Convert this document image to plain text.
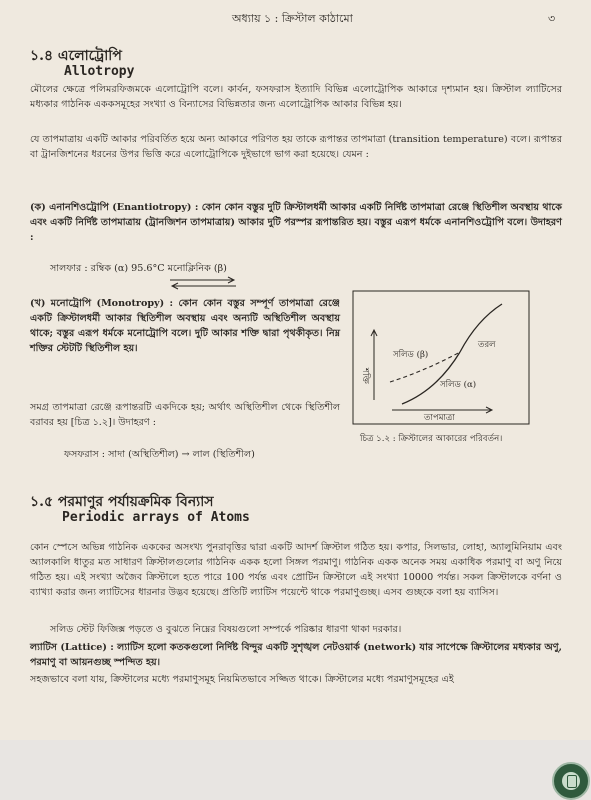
অধ্যায় ১ : ক্রিস্টাল কাঠামো	৩
১.৪ এলোট্রোপি
Allotropy
মৌলের ক্ষেত্রে পলিমরফিজমকে এলোট্রোপি বলে। কার্বন, ফসফরাস ইত্যাদি বিভিন্ন এলোট্রোপিক আকারে দৃশ্যমান হয়। ক্রিস্টাল ল্যাটিসের মধ্যকার গাঠনিক এককসমূহের সংখ্যা ও বিন্যাসের বিভিন্নতার জন্য এলোট্রোপিক আকার বিভিন্ন হয়।
যে তাপমাত্রায় একটি আকার পরিবর্তিত হয়ে অন্য আকারে পরিণত হয় তাকে রূপান্তর তাপমাত্রা (transition temperature) বলে। রূপান্তর বা ট্রানজিশনের ধরনের উপর ভিত্তি করে এলোট্রোপিকে দুইভাগে ভাগ করা হয়েছে। যেমন :
(ক) এনানশিওট্রোপি (Enantiotropy) : কোন কোন বস্তুর দুটি ক্রিস্টালধর্মী আকার একটি নির্দিষ্ট তাপমাত্রা রেঞ্জে স্থিতিশীল অবস্থায় থাকে এবং একটি নির্দিষ্ট তাপমাত্রায় (ট্রানজিশন তাপমাত্রায়) আকার দুটি পরস্পর রূপান্তরিত হয়। বস্তুর এরূপ ধর্মকে এনানশিওট্রোপি বলে। উদাহরণ :
সালফার : রম্বিক (α) 95.6°C মনোক্লিনিক (β)
(খ) মনোট্রোপি (Monotropy) : কোন কোন বস্তুর সম্পূর্ণ তাপমাত্রা রেঞ্জে একটি ক্রিস্টালধর্মী আকার স্থিতিশীল অবস্থায় এবং অন্যটি অস্থিতিশীল অবস্থায় থাকে; বস্তুর এরূপ ধর্মকে মনোট্রোপি বলে। দুটি আকার শক্তি দ্বারা পৃথকীকৃত। নিম্ন শক্তির স্টেটটি স্থিতিশীল হয়।
সমগ্র তাপমাত্রা রেঞ্জে রূপান্তরটি একদিকে হয়; অর্থাৎ অস্থিতিশীল থেকে স্থিতিশীল বরাবর হয় [চিত্র ১.২]। উদাহরণ :
ফসফরাস : সাদা (অস্থিতিশীল) → লাল (স্থিতিশীল)
তরল
সলিড (β)
সলিড (α)
শক্তি
তাপমাত্রা
চিত্র ১.২ : ক্রিস্টালের আকারের পরিবর্তন।
১.৫ পরমাণুর পর্যায়ক্রমিক বিন্যাস
Periodic arrays of Atoms
কোন স্পেসে অভিন্ন গাঠনিক এককের অসংখ্য পুনরাবৃত্তির দ্বারা একটি আদর্শ ক্রিস্টাল গঠিত হয়। কপার, সিলভার, লোহা, অ্যালুমিনিয়াম এবং অ্যালকালি ধাতুর মত সাধারণ ক্রিস্টালগুলোর গাঠনিক একক হলো সিঙ্গল পরমাণু। গাঠনিক একক অনেক সময় একাধিক পরমাণু বা অণু নিয়ে গঠিত হয়। এই সংখ্যা অজৈব ক্রিস্টালে হতে পারে 100 পর্যন্ত এবং প্রোটিন ক্রিস্টালে এই সংখ্যা 10000 পর্যন্ত। সকল ক্রিস্টালকে বর্ণনা ও ব্যাখ্যা করার জন্য ল্যাটিসের ধারনার উদ্ভব হয়েছে। প্রতিটি ল্যাটিস পয়েন্টে থাকে পরমাণুগুচ্ছ। এসব গুচ্ছকে বলা হয় ব্যাসিস।
সলিড স্টেট ফিজিক্স পড়তে ও বুঝতে নিম্নের বিষয়গুলো সম্পর্কে পরিষ্কার ধারণা থাকা দরকার।
ল্যাটিস (Lattice) : ল্যাটিস হলো কতকগুলো নির্দিষ্ট বিন্দুর একটি সুশৃঙ্খল নেটওয়ার্ক (network) যার সাপেক্ষে ক্রিস্টালের মধ্যকার অণু, পরমাণু বা আয়নগুচ্ছ স্পন্দিত হয়।
সহজভাবে বলা যায়, ক্রিস্টালের মধ্যে পরমাণুসমূহ নিয়মিতভাবে সজ্জিত থাকে। ক্রিস্টালের মধ্যে পরমাণুসমূহের এই
